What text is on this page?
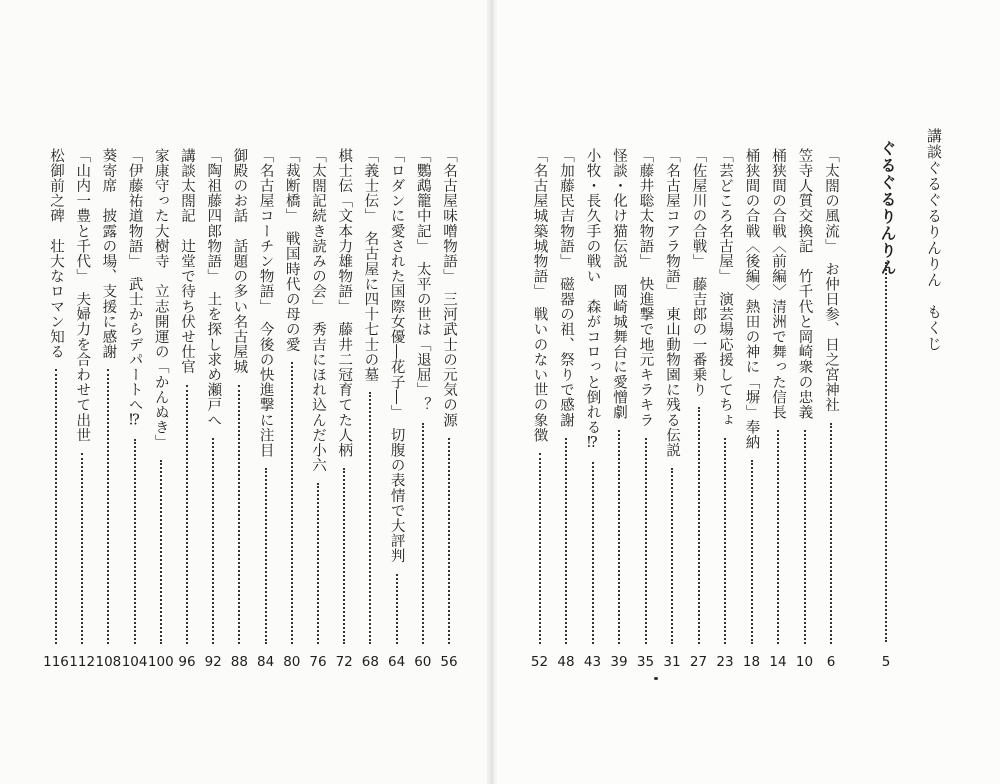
講談ぐるぐるりんりん　もくじ
ぐるぐるりんりん
5
「太閤の風流」　お仲日参、日之宮神社
6
笠寺人質交換記　竹千代と岡崎衆の忠義
10
桶狭間の合戦〈前編〉清洲で舞った信長
14
桶狭間の合戦〈後編〉熱田の神に「塀」奉納
18
「芸どころ名古屋」　演芸場応援してちょ
23
「佐屋川の合戦」　藤吉郎の一番乗り
27
「名古屋コアラ物語」　東山動物園に残る伝説
31
「藤井聡太物語」　快進撃で地元キラキラ
35
怪談・化け猫伝説　岡崎城舞台に愛憎劇
39
小牧・長久手の戦い　森がコロっと倒れる⁉
43
「加藤民吉物語」　磁器の祖、祭りで感謝
48
「名古屋城築城物語」　戦いのない世の象徴
52
「名古屋味噌物語」　三河武士の元気の源
56
「鸚鵡籠中記」　太平の世は「退屈」？
60
「ロダンに愛された国際女優―花子―」　切腹の表情で大評判
64
「義士伝」　名古屋に四十七士の墓
68
棋士伝「文本力雄物語」　藤井二冠育てた人柄
72
「太閤記続き読みの会」　秀吉にほれ込んだ小六
76
「裁断橋」　戦国時代の母の愛
80
「名古屋コーチン物語」　今後の快進撃に注目
84
御殿のお話　話題の多い名古屋城
88
「陶祖藤四郎物語」　土を探し求め瀬戸へ
92
講談太閤記　辻堂で待ち伏せ仕官
96
家康守った大樹寺　立志開運の「かんぬき」
100
「伊藤祐道物語」　武士からデパートへ⁉
104
葵寄席　披露の場、支援に感謝
108
「山内一豊と千代」　夫婦力を合わせて出世
112
松御前之碑　壮大なロマン知る
116
